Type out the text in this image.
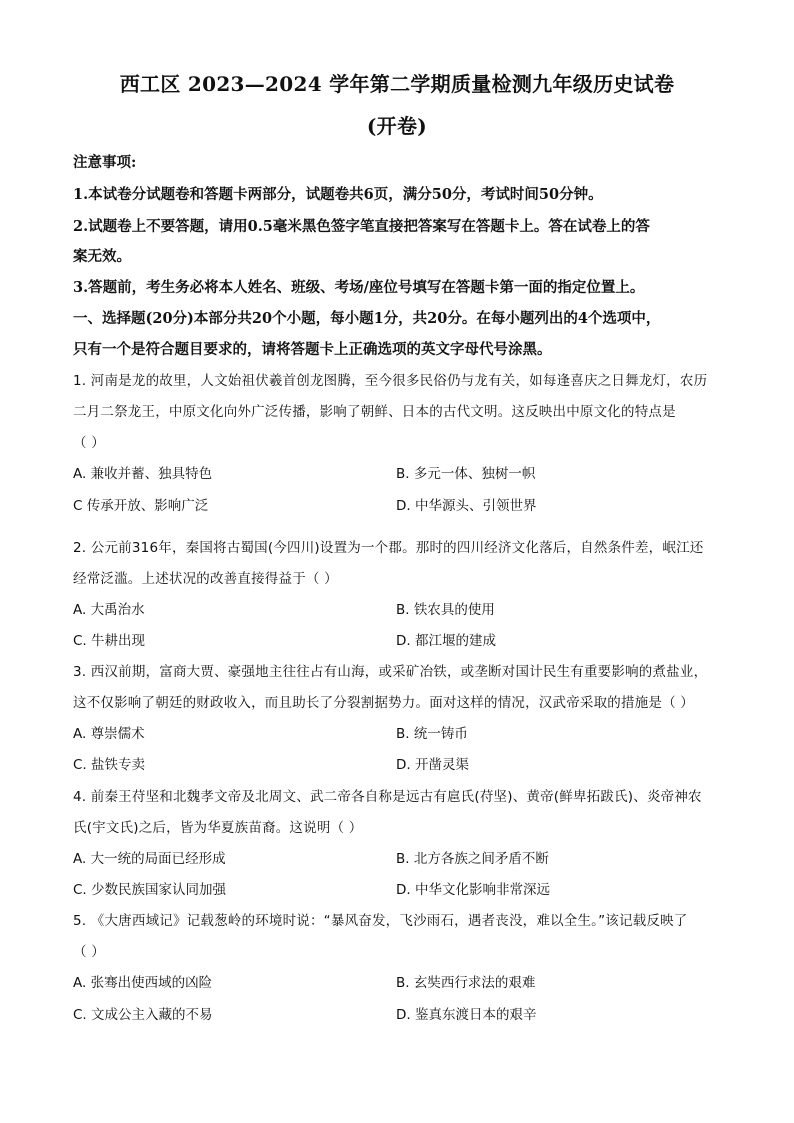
西工区 2023—2024 学年第二学期质量检测九年级历史试卷
(开卷)
注意事项:
1.本试卷分试题卷和答题卡两部分，试题卷共6页，满分50分，考试时间50分钟。
2.试题卷上不要答题，请用0.5毫米黑色签字笔直接把答案写在答题卡上。答在试卷上的答
案无效。
3.答题前，考生务必将本人姓名、班级、考场/座位号填写在答题卡第一面的指定位置上。
一、选择题(20分)本部分共20个小题，每小题1分，共20分。在每小题列出的4个选项中，
只有一个是符合题目要求的，请将答题卡上正确选项的英文字母代号涂黑。
1. 河南是龙的故里，人文始祖伏羲首创龙图腾，至今很多民俗仍与龙有关，如每逢喜庆之日舞龙灯，农历
二月二祭龙王，中原文化向外广泛传播，影响了朝鲜、日本的古代文明。这反映出中原文化的特点是
（ ）
A. 兼收并蓄、独具特色	B. 多元一体、独树一帜
C 传承开放、影响广泛	D. 中华源头、引领世界
2. 公元前316年，秦国将古蜀国(今四川)设置为一个郡。那时的四川经济文化落后，自然条件差，岷江还
经常泛滥。上述状况的改善直接得益于（ ）
A. 大禹治水	B. 铁农具的使用
C. 牛耕出现	D. 都江堰的建成
3. 西汉前期，富商大贾、豪强地主往往占有山海，或采矿冶铁，或垄断对国计民生有重要影响的煮盐业，
这不仅影响了朝廷的财政收入，而且助长了分裂割据势力。面对这样的情况，汉武帝采取的措施是（ ）
A. 尊崇儒术	B. 统一铸币
C. 盐铁专卖	D. 开凿灵渠
4. 前秦王苻坚和北魏孝文帝及北周文、武二帝各自称是远古有扈氏(苻坚)、黄帝(鲜卑拓跋氏)、炎帝神农
氏(宇文氏)之后，皆为华夏族苗裔。这说明（ ）
A. 大一统的局面已经形成	B. 北方各族之间矛盾不断
C. 少数民族国家认同加强	D. 中华文化影响非常深远
5. 《大唐西域记》记载葱岭的环境时说：“暴风奋发，飞沙雨石，遇者丧没，难以全生。”该记载反映了
（ ）
A. 张骞出使西域的凶险	B. 玄奘西行求法的艰难
C. 文成公主入藏的不易	D. 鉴真东渡日本的艰辛
